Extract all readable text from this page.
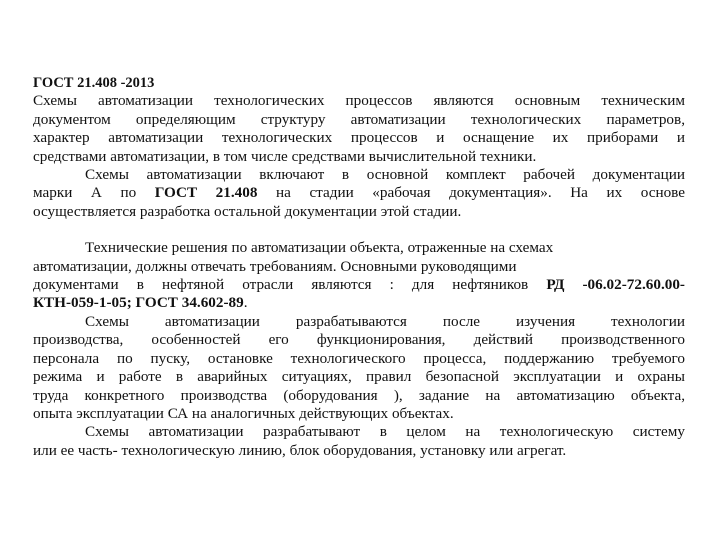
ГОСТ 21.408 -2013
Схемы автоматизации технологических процессов являются основным техническим
документом определяющим структуру автоматизации технологических параметров,
характер автоматизации технологических процессов и оснащение их приборами и
средствами автоматизации, в том числе средствами вычислительной техники.
Схемы автоматизации включают в основной комплект рабочей документации
марки А по ГОСТ 21.408 на стадии «рабочая документация». На их основе
осуществляется разработка остальной документации этой стадии.
Технические решения по автоматизации объекта, отраженные на схемах
автоматизации, должны отвечать требованиям. Основными руководящими
документами в нефтяной отрасли являются : для нефтяников РД -06.02-72.60.00-
КТН-059-1-05; ГОСТ 34.602-89.
Схемы автоматизации разрабатываются после изучения технологии
производства, особенностей его функционирования, действий производственного
персонала по пуску, остановке технологического процесса, поддержанию требуемого
режима и работе в аварийных ситуациях, правил безопасной эксплуатации и охраны
труда конкретного производства (оборудования ), задание на автоматизацию объекта,
опыта эксплуатации СА на аналогичных действующих объектах.
Схемы автоматизации разрабатывают в целом на технологическую систему
или ее часть- технологическую линию, блок оборудования, установку или агрегат.
